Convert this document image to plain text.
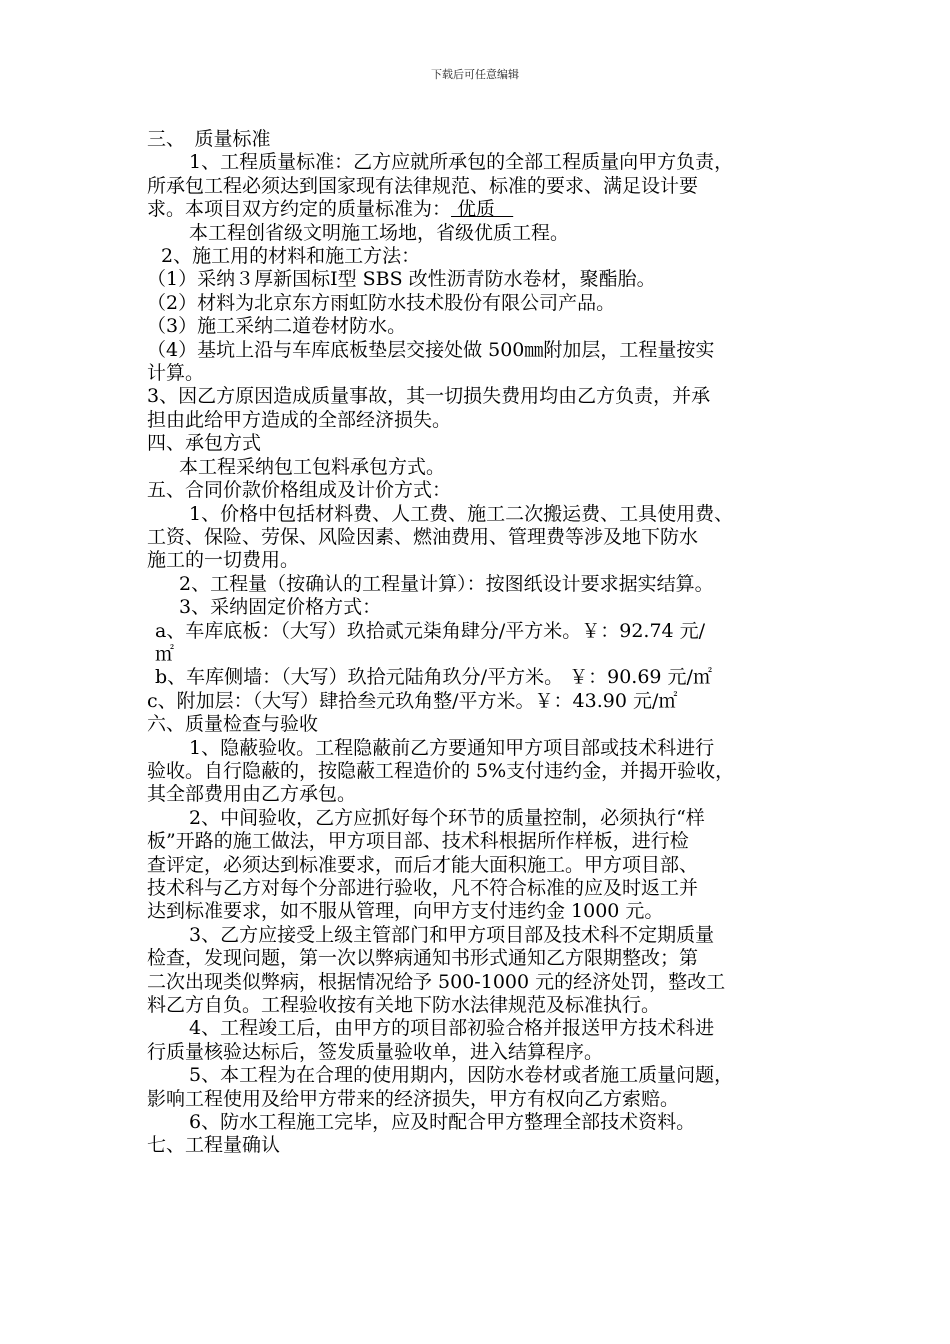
下载后可任意编辑

三、　质量标准

1、工程质量标准：乙方应就所承包的全部工程质量向甲方负责，

所承包工程必须达到国家现有法律规范、标准的要求、满足设计要

求。本项目双方约定的质量标准为： 优质

本工程创省级文明施工场地，省级优质工程。

2、施工用的材料和施工方法：

（1）采纳３厚新国标Ⅰ型 SBS 改性沥青防水卷材，聚酯胎。

（2）材料为北京东方雨虹防水技术股份有限公司产品。

（3）施工采纳二道卷材防水。

（4）基坑上沿与车库底板垫层交接处做 500㎜附加层，工程量按实

计算。

3、因乙方原因造成质量事故，其一切损失费用均由乙方负责，并承

担由此给甲方造成的全部经济损失。

四、承包方式

本工程采纳包工包料承包方式。

五、合同价款价格组成及计价方式：

1、价格中包括材料费、人工费、施工二次搬运费、工具使用费、

工资、保险、劳保、风险因素、燃油费用、管理费等涉及地下防水

施工的一切费用。

2、工程量（按确认的工程量计算）：按图纸设计要求据实结算。

3、采纳固定价格方式：

a、车库底板：（大写）玖拾贰元柒角肆分/平方米。￥：92.74 元/

㎡

b、车库侧墙：（大写）玖拾元陆角玖分/平方米。 ￥：90.69 元/㎡

c、附加层：（大写）肆拾叁元玖角整/平方米。￥：43.90 元/㎡

六、质量检查与验收

1、隐蔽验收。工程隐蔽前乙方要通知甲方项目部或技术科进行

验收。自行隐蔽的，按隐蔽工程造价的 5%支付违约金，并揭开验收，

其全部费用由乙方承包。

2、中间验收，乙方应抓好每个环节的质量控制，必须执行“样

板”开路的施工做法，甲方项目部、技术科根据所作样板，进行检

查评定，必须达到标准要求，而后才能大面积施工。甲方项目部、

技术科与乙方对每个分部进行验收，凡不符合标准的应及时返工并

达到标准要求，如不服从管理，向甲方支付违约金 1000 元。

3、乙方应接受上级主管部门和甲方项目部及技术科不定期质量

检查，发现问题，第一次以弊病通知书形式通知乙方限期整改；第

二次出现类似弊病，根据情况给予 500-1000 元的经济处罚，整改工

料乙方自负。工程验收按有关地下防水法律规范及标准执行。

4、工程竣工后，由甲方的项目部初验合格并报送甲方技术科进

行质量核验达标后，签发质量验收单，进入结算程序。

5、本工程为在合理的使用期内，因防水卷材或者施工质量问题，

影响工程使用及给甲方带来的经济损失，甲方有权向乙方索赔。

6、防水工程施工完毕，应及时配合甲方整理全部技术资料。

七、工程量确认
